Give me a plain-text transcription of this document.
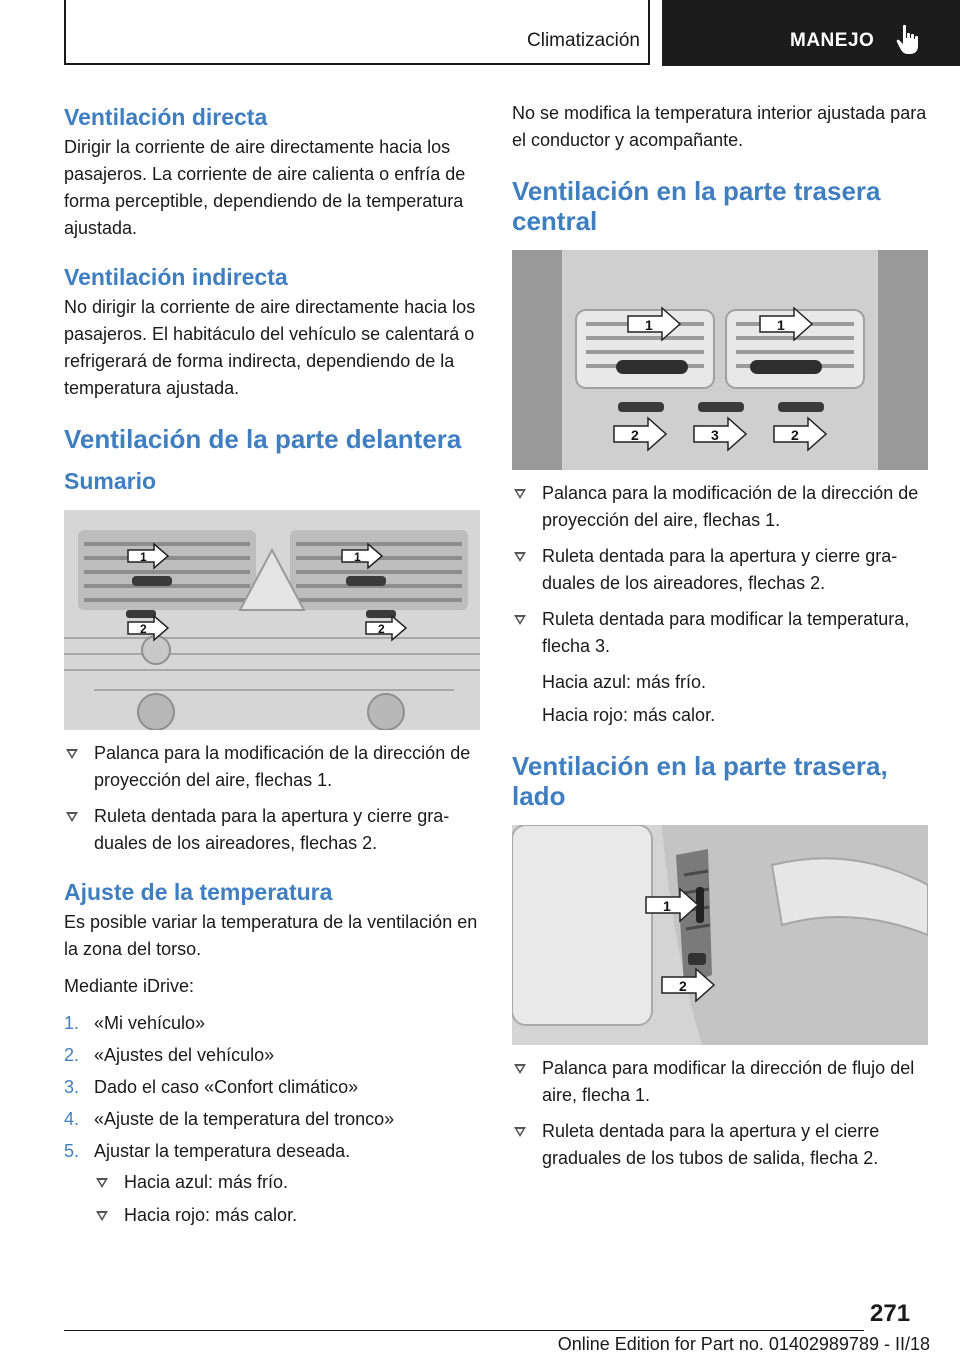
Climatización	MANEJO
Ventilación directa

Dirigir la corriente de aire directamente hacia los pasajeros. La corriente de aire calienta o enfría de forma perceptible, dependiendo de la temperatura ajustada.

Ventilación indirecta

No dirigir la corriente de aire directamente hacia los pasajeros. El habitáculo del vehículo se calentará o refrigerará de forma indirecta, dependiendo de la temperatura ajustada.

Ventilación de la parte delantera
Sumario
1	1
2	2
Palanca para la modificación de la dirección de proyección del aire, flechas 1.
Ruleta dentada para la apertura y cierre graduales de los aireadores, flechas 2.
Ajuste de la temperatura

Es posible variar la temperatura de la ventilación en la zona del torso.

Mediante iDrive:

1. «Mi vehículo»
2. «Ajustes del vehículo»
3. Dado el caso «Confort climático»
4. «Ajuste de la temperatura del tronco»
5. Ajustar la temperatura deseada.
Hacia azul: más frío.
Hacia rojo: más calor.

No se modifica la temperatura interior ajustada para el conductor y acompañante.

Ventilación en la parte trasera central
1	1
2	3	2
Palanca para la modificación de la dirección de proyección del aire, flechas 1.
Ruleta dentada para la apertura y cierre graduales de los aireadores, flechas 2.
Ruleta dentada para modificar la temperatura, flecha 3.
Hacia azul: más frío.
Hacia rojo: más calor.
Ventilación en la parte trasera, lado
1
2
Palanca para modificar la dirección de flujo del aire, flecha 1.
Ruleta dentada para la apertura y el cierre graduales de los tubos de salida, flecha 2.
271
Online Edition for Part no. 01402989789 - II/18
